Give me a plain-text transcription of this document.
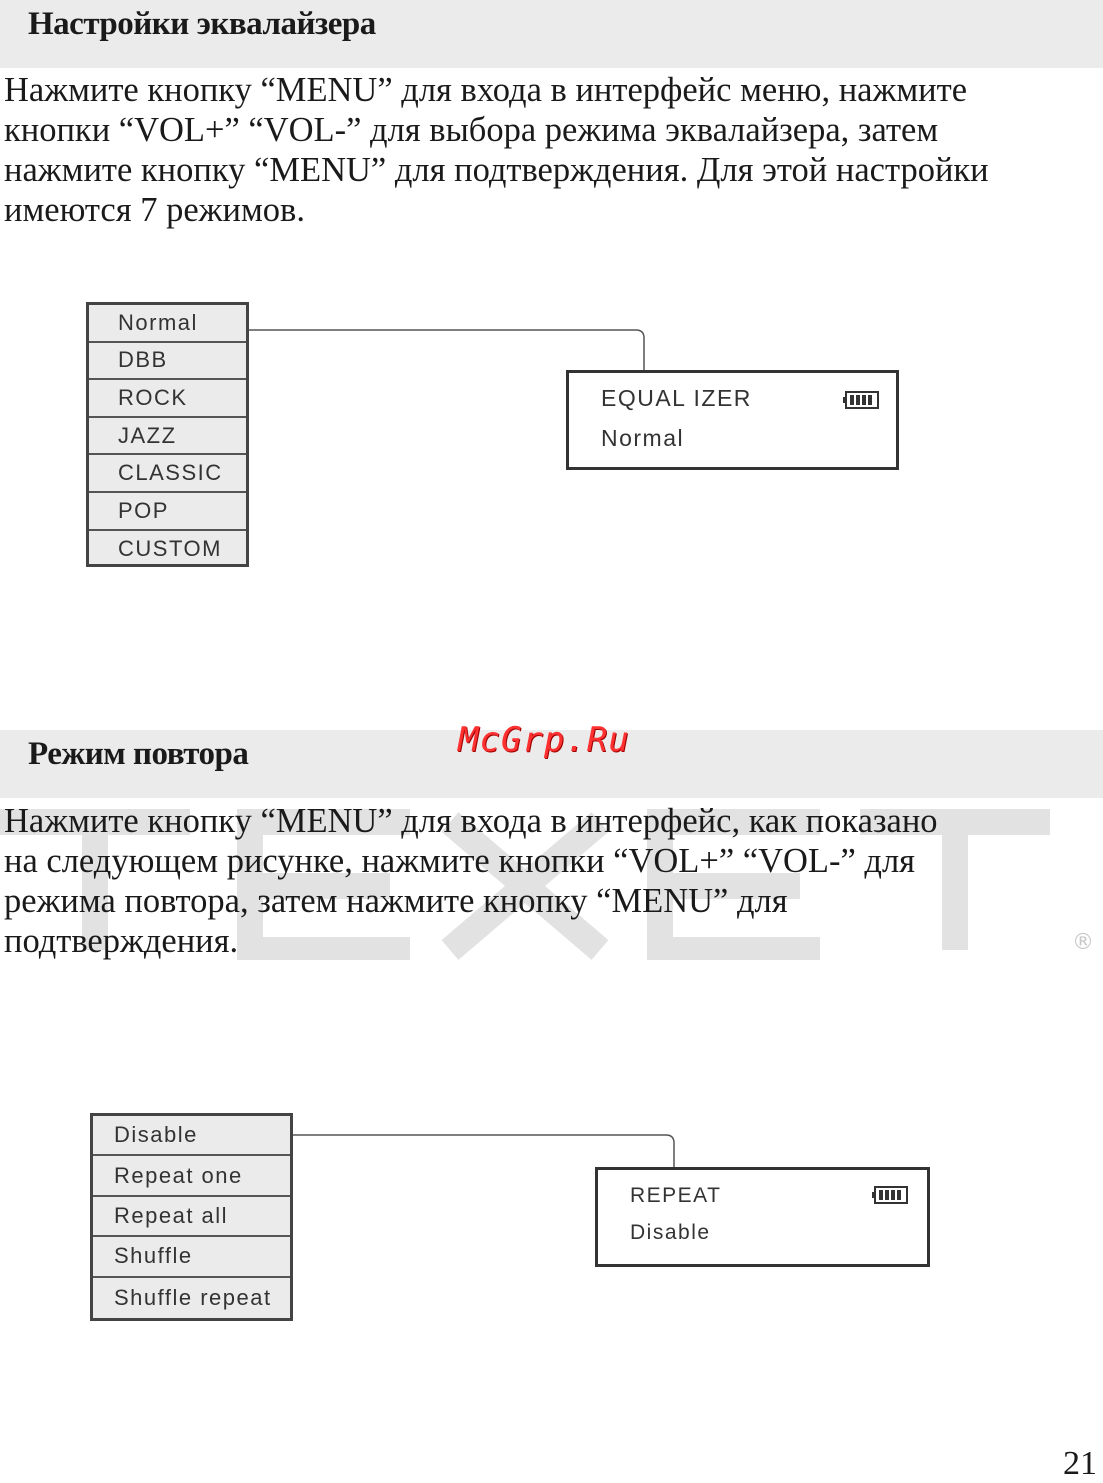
®
Настройки эквалайзера
Нажмите кнопку “MENU” для входа в интерфейс меню, нажмите
кнопки “VOL+” “VOL-” для выбора режима эквалайзера, затем
нажмите кнопку “MENU” для подтверждения. Для этой настройки
имеются 7 режимов.
Normal
DBB
ROCK
JAZZ
CLASSIC
POP
CUSTOM
EQUAL IZER
Normal
Режим повтора	McGrp.Ru
Нажмите кнопку “MENU” для входа в интерфейс, как показано
на следующем рисунке, нажмите кнопки “VOL+” “VOL-” для
режима повтора, затем нажмите кнопку “MENU” для
подтверждения.
Disable
Repeat one
Repeat all
Shuffle
Shuffle repeat
REPEAT
Disable
21
